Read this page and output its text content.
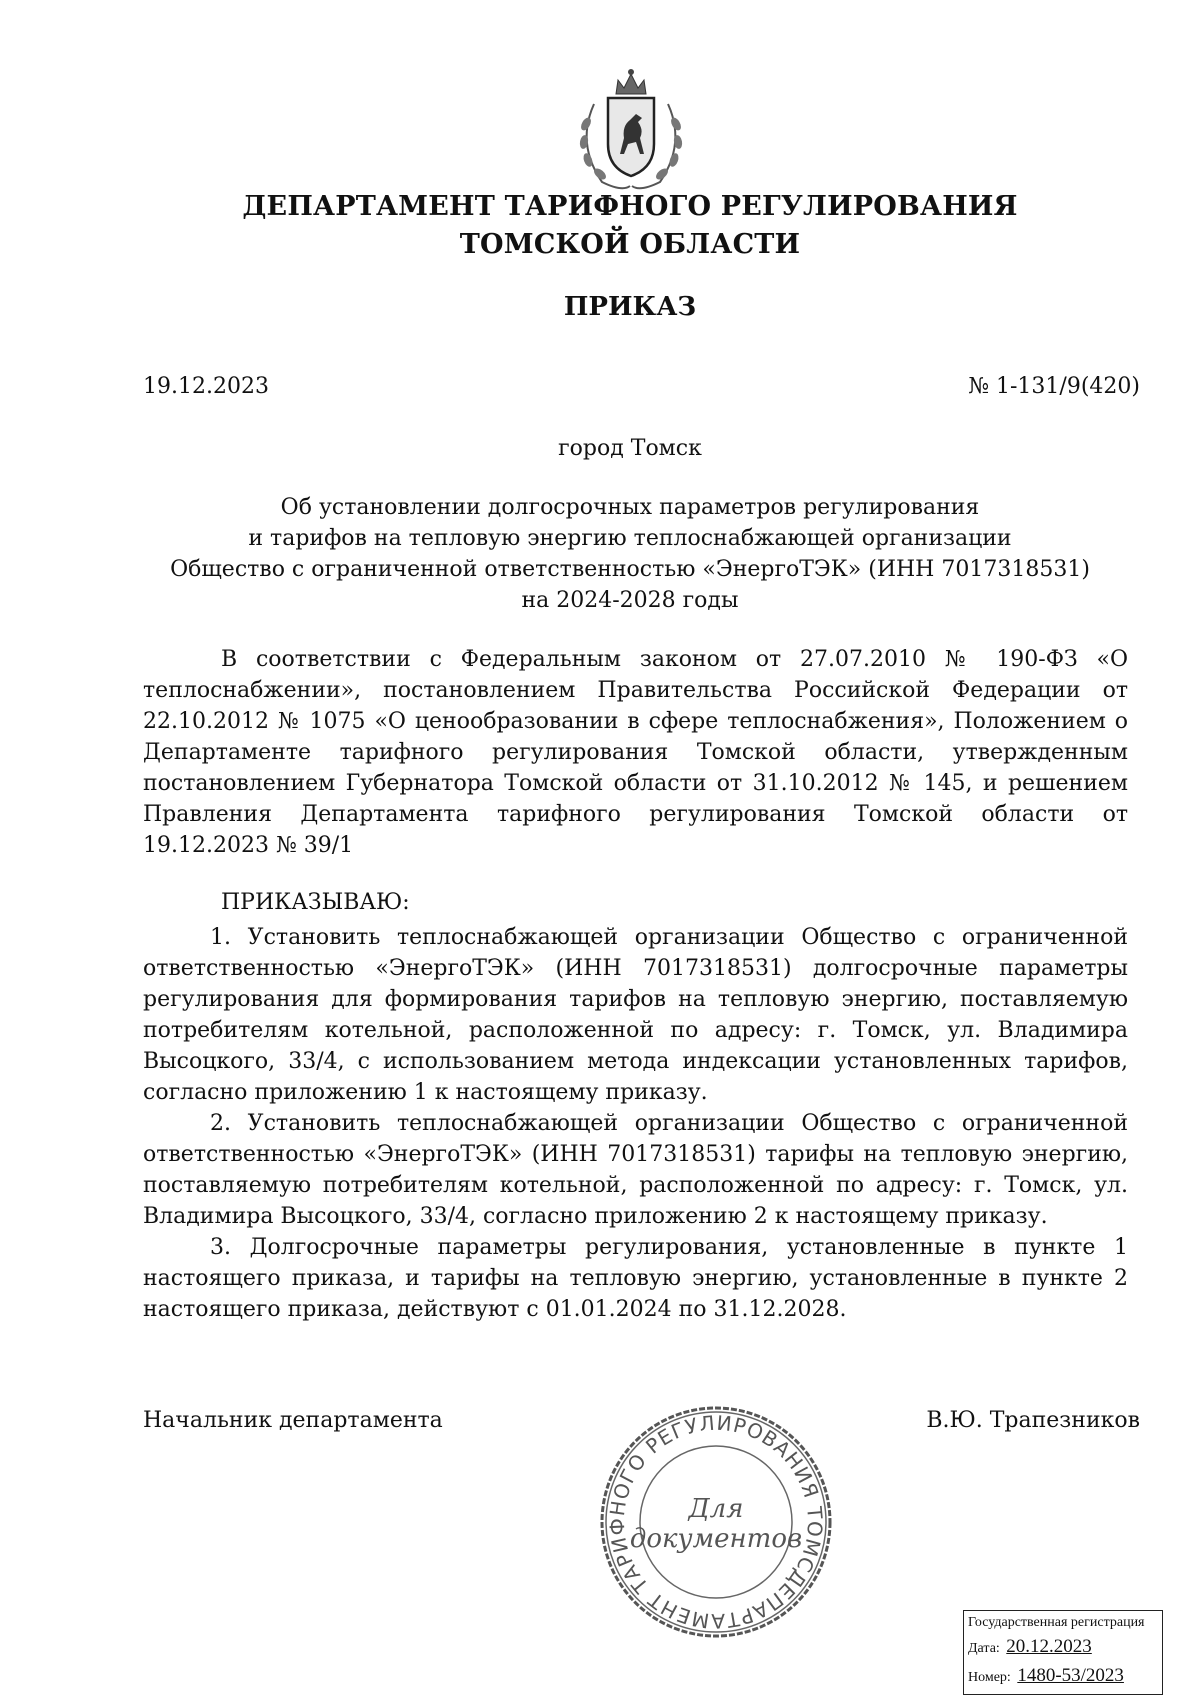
ДЕПАРТАМЕНТ ТАРИФНОГО РЕГУЛИРОВАНИЯ
ТОМСКОЙ ОБЛАСТИ
ПРИКАЗ
19.12.2023	№ 1-131/9(420)
город Томск
Об установлении долгосрочных параметров регулирования
и тарифов на тепловую энергию теплоснабжающей организации
Общество с ограниченной ответственностью «ЭнергоТЭК» (ИНН 7017318531)
на 2024-2028 годы
В соответствии с Федеральным законом от 27.07.2010 № 190-ФЗ «О теплоснабжении», постановлением Правительства Российской Федерации от 22.10.2012 № 1075 «О ценообразовании в сфере теплоснабжения», Положением о Департаменте тарифного регулирования Томской области, утвержденным постановлением Губернатора Томской области от 31.10.2012 № 145, и решением Правления Департамента тарифного регулирования Томской области от 19.12.2023 № 39/1
ПРИКАЗЫВАЮ:

1. Установить теплоснабжающей организации Общество с ограниченной ответственностью «ЭнергоТЭК» (ИНН 7017318531) долгосрочные параметры регулирования для формирования тарифов на тепловую энергию, поставляемую потребителям котельной, расположенной по адресу: г. Томск, ул. Владимира Высоцкого, 33/4, с использованием метода индексации установленных тарифов, согласно приложению 1 к настоящему приказу.

2. Установить теплоснабжающей организации Общество с ограниченной ответственностью «ЭнергоТЭК» (ИНН 7017318531) тарифы на тепловую энергию, поставляемую потребителям котельной, расположенной по адресу: г. Томск, ул. Владимира Высоцкого, 33/4, согласно приложению 2 к настоящему приказу.

3. Долгосрочные параметры регулирования, установленные в пункте 1 настоящего приказа, и тарифы на тепловую энергию, установленные в пункте 2 настоящего приказа, действуют с 01.01.2024 по 31.12.2028.

Начальник департамента	В.Ю. Трапезников
ДЕПАРТАМЕНТ ТАРИФНОГО РЕГУЛИРОВАНИЯ ТОМС
Для
документов
Государственная регистрация
Дата: 20.12.2023
Номер: 1480-53/2023
